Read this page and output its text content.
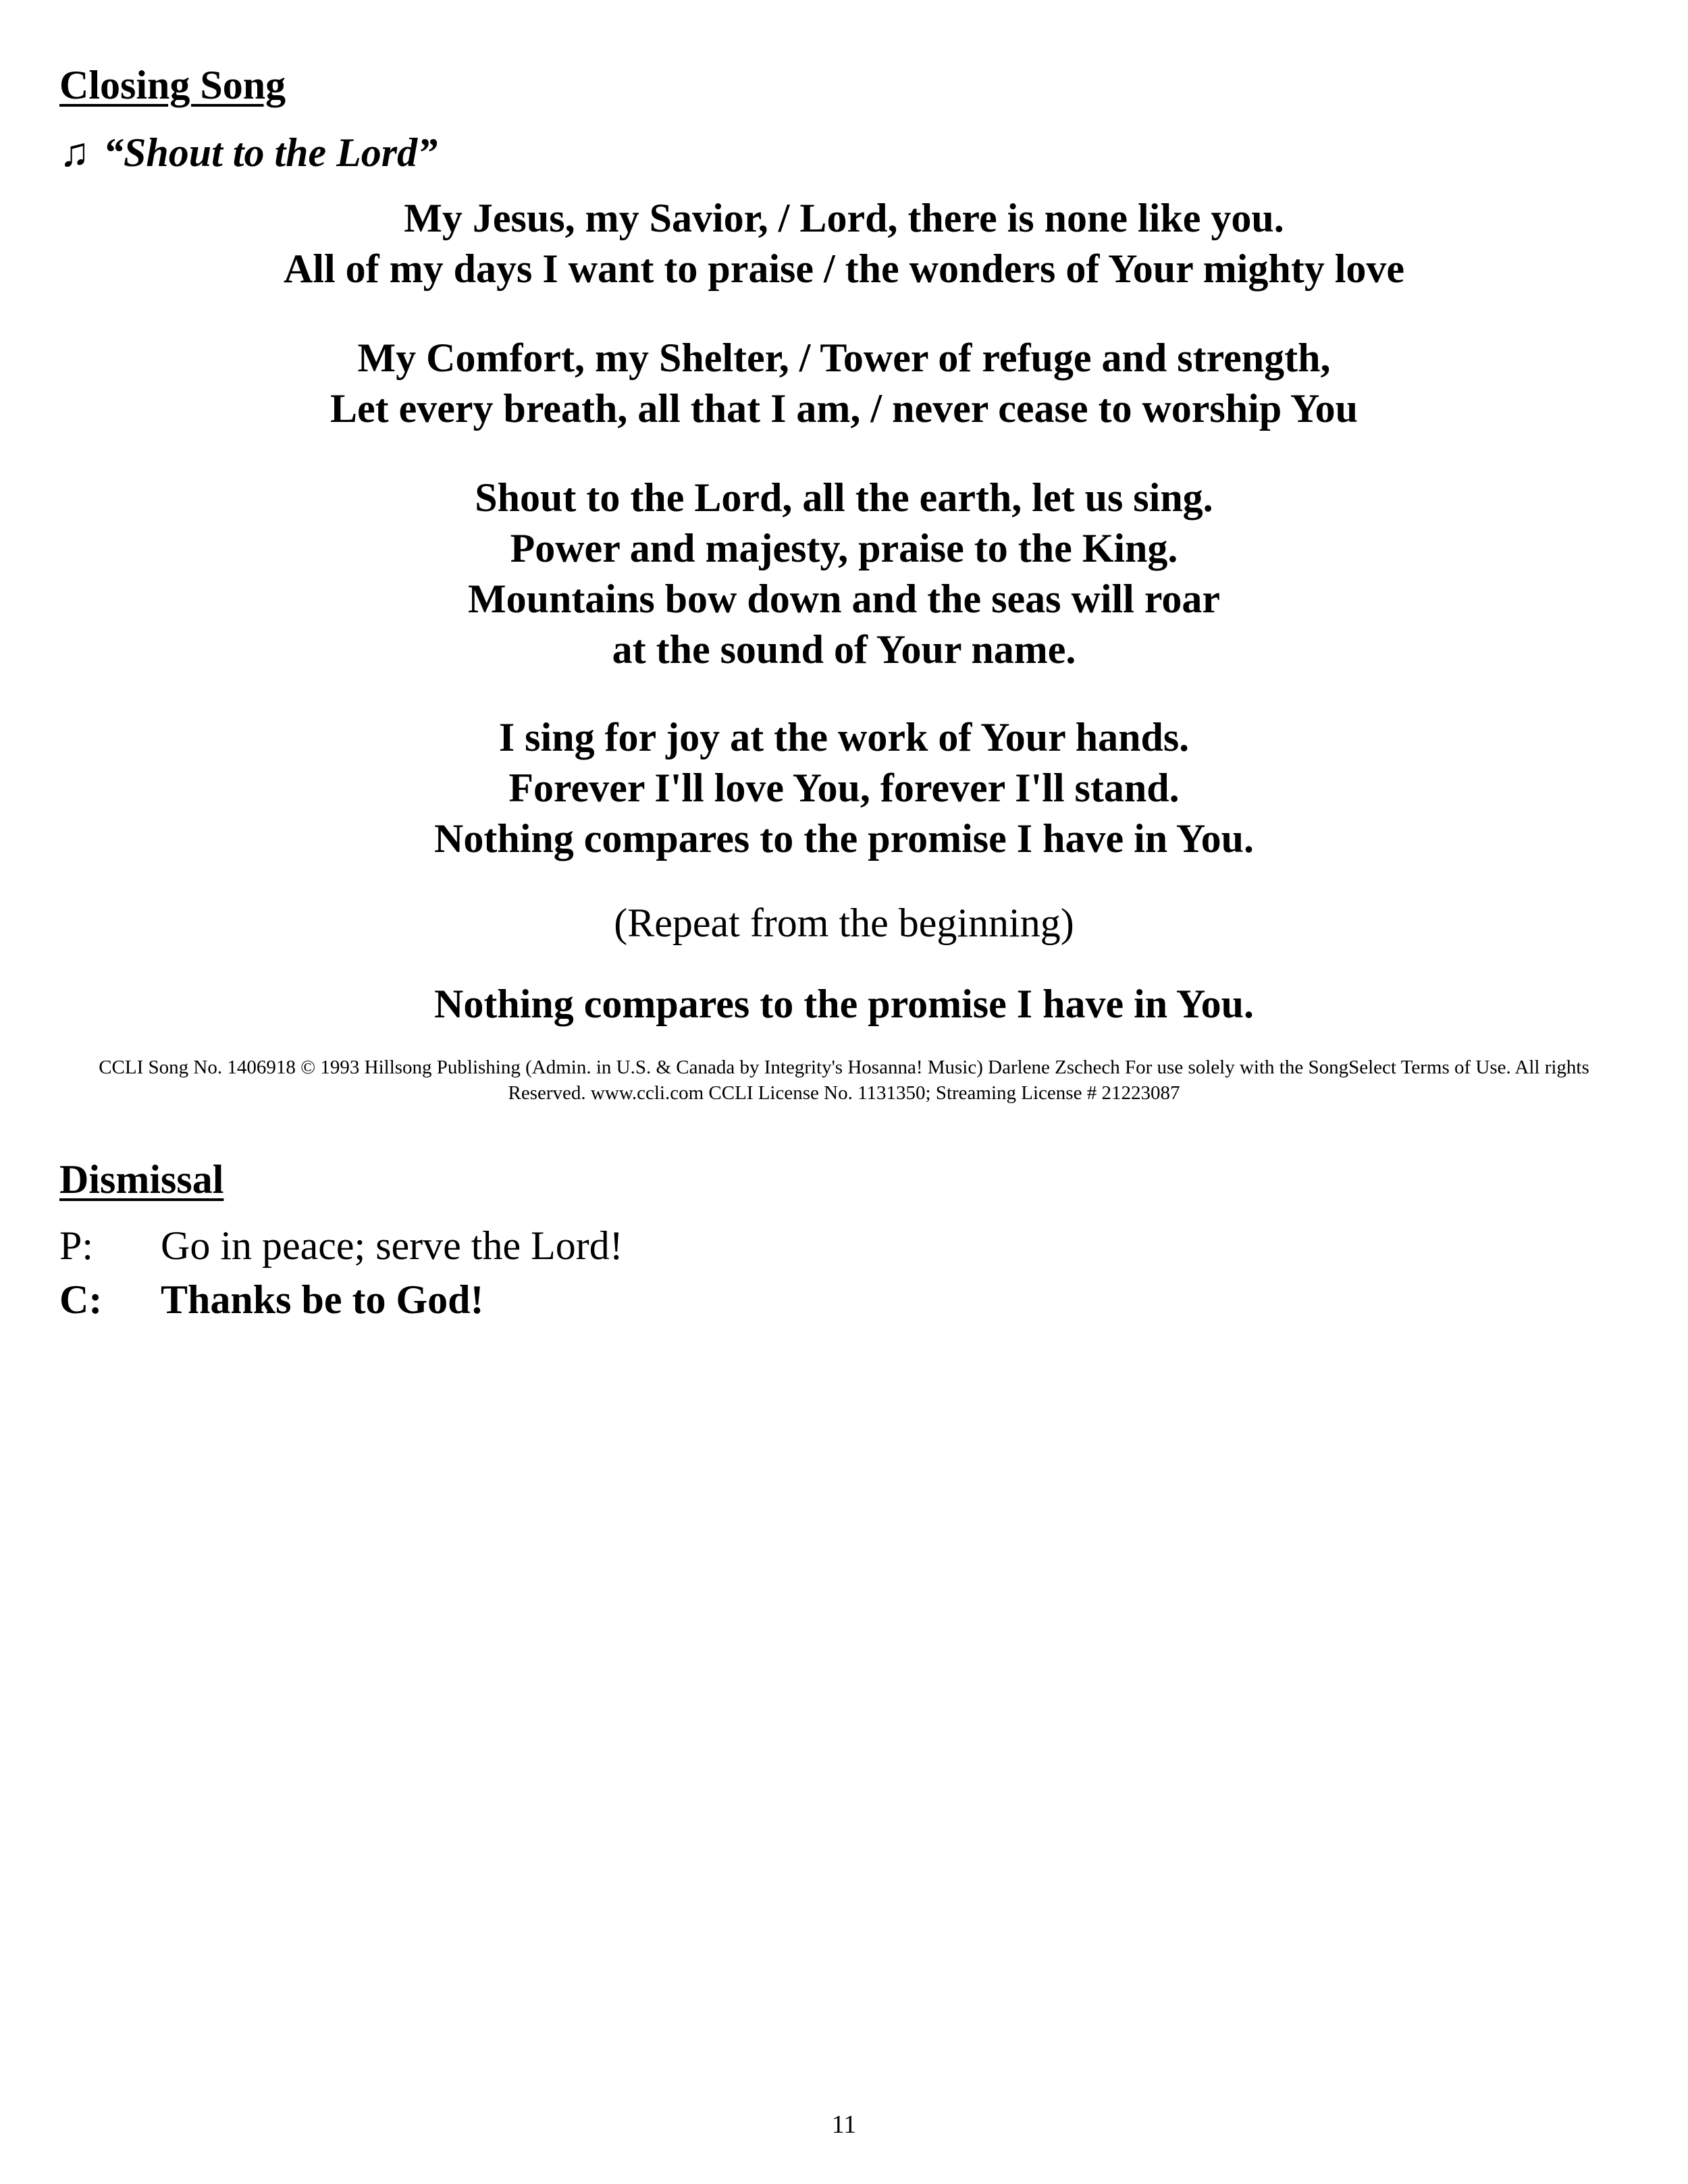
Closing Song
♫ “Shout to the Lord”
My Jesus, my Savior, / Lord, there is none like you.
All of my days I want to praise / the wonders of Your mighty love
My Comfort, my Shelter, / Tower of refuge and strength,
Let every breath, all that I am, / never cease to worship You
Shout to the Lord, all the earth, let us sing.
Power and majesty, praise to the King.
Mountains bow down and the seas will roar
at the sound of Your name.
I sing for joy at the work of Your hands.
Forever I'll love You, forever I'll stand.
Nothing compares to the promise I have in You.
(Repeat from the beginning)
Nothing compares to the promise I have in You.
CCLI Song No. 1406918 © 1993 Hillsong Publishing (Admin. in U.S. & Canada by Integrity's Hosanna! Music) Darlene Zschech For use solely with the SongSelect Terms of Use. All rights Reserved. www.ccli.com CCLI License No. 1131350; Streaming License # 21223087
Dismissal
P: Go in peace; serve the Lord!
C: Thanks be to God!
11
